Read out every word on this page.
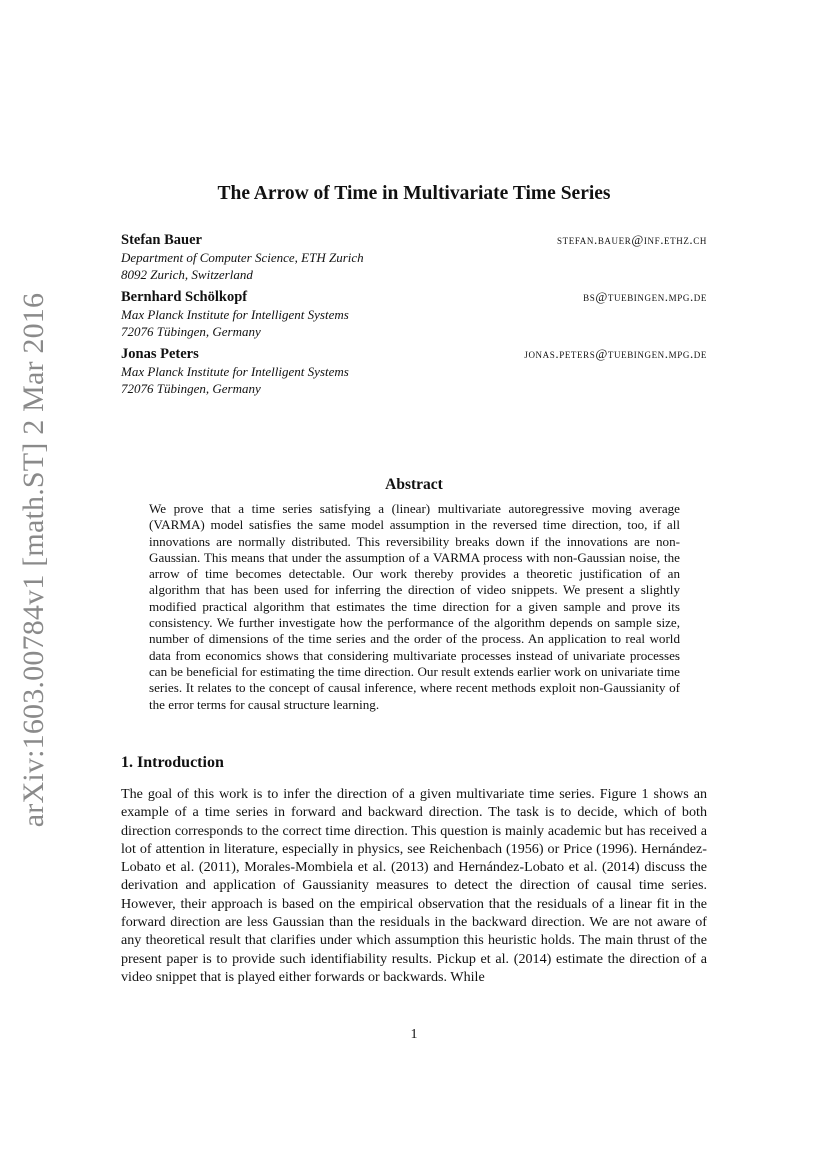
arXiv:1603.00784v1 [math.ST] 2 Mar 2016
The Arrow of Time in Multivariate Time Series
Stefan Bauer	stefan.bauer@inf.ethz.ch
Department of Computer Science, ETH Zurich
8092 Zurich, Switzerland
Bernhard Schölkopf	bs@tuebingen.mpg.de
Max Planck Institute for Intelligent Systems
72076 Tübingen, Germany
Jonas Peters	jonas.peters@tuebingen.mpg.de
Max Planck Institute for Intelligent Systems
72076 Tübingen, Germany
Abstract

We prove that a time series satisfying a (linear) multivariate autoregressive moving average (VARMA) model satisfies the same model assumption in the reversed time direction, too, if all innovations are normally distributed. This reversibility breaks down if the innovations are non-Gaussian. This means that under the assumption of a VARMA process with non-Gaussian noise, the arrow of time becomes detectable. Our work thereby provides a theoretic justification of an algorithm that has been used for inferring the direction of video snippets. We present a slightly modified practical algorithm that estimates the time direction for a given sample and prove its consistency. We further investigate how the performance of the algorithm depends on sample size, number of dimensions of the time series and the order of the process. An application to real world data from economics shows that considering multivariate processes instead of univariate processes can be beneficial for estimating the time direction. Our result extends earlier work on univariate time series. It relates to the concept of causal inference, where recent methods exploit non-Gaussianity of the error terms for causal structure learning.

1. Introduction

The goal of this work is to infer the direction of a given multivariate time series. Figure 1 shows an example of a time series in forward and backward direction. The task is to decide, which of both direction corresponds to the correct time direction. This question is mainly academic but has received a lot of attention in literature, especially in physics, see Reichenbach (1956) or Price (1996). Hernández-Lobato et al. (2011), Morales-Mombiela et al. (2013) and Hernández-Lobato et al. (2014) discuss the derivation and application of Gaussianity measures to detect the direction of causal time series. However, their approach is based on the empirical observation that the residuals of a linear fit in the forward direction are less Gaussian than the residuals in the backward direction. We are not aware of any theoretical result that clarifies under which assumption this heuristic holds. The main thrust of the present paper is to provide such identifiability results. Pickup et al. (2014) estimate the direction of a video snippet that is played either forwards or backwards. While

1
